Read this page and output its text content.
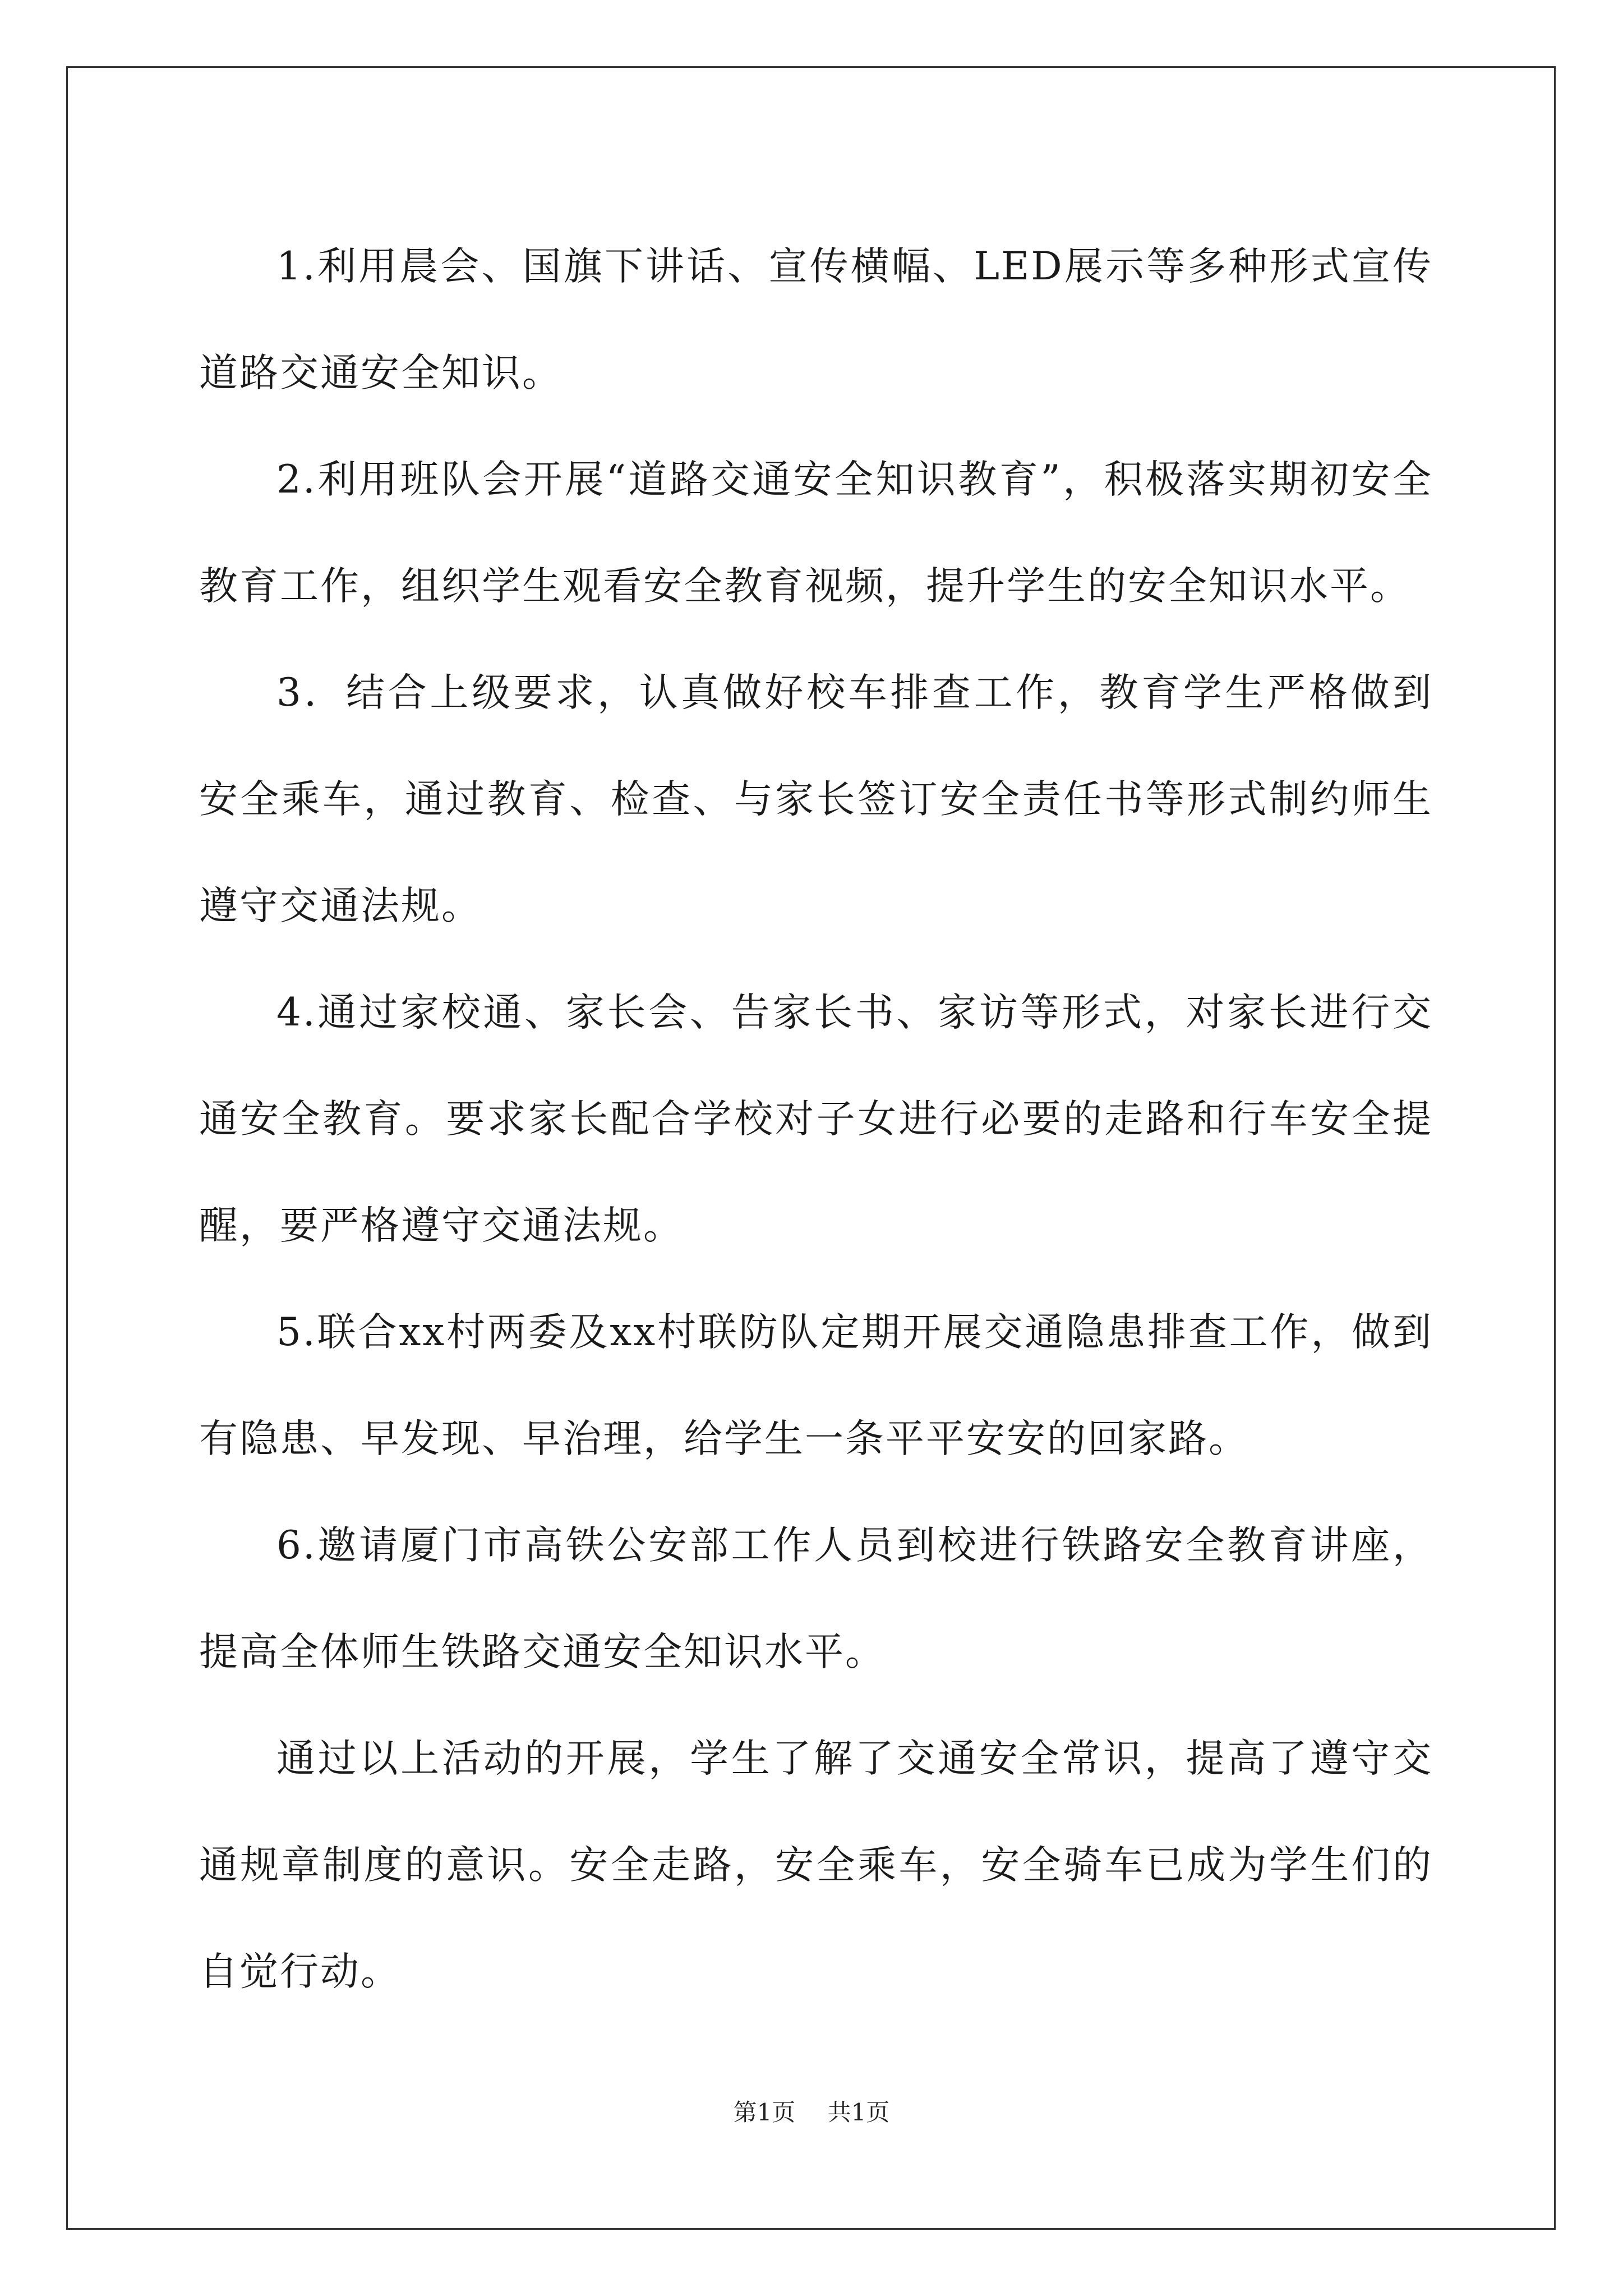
1.利用晨会、国旗下讲话、宣传横幅、LED展示等多种形式宣传道路交通安全知识。

2.利用班队会开展“道路交通安全知识教育”，积极落实期初安全教育工作，组织学生观看安全教育视频，提升学生的安全知识水平。

3．结合上级要求，认真做好校车排查工作，教育学生严格做到安全乘车，通过教育、检查、与家长签订安全责任书等形式制约师生遵守交通法规。

4.通过家校通、家长会、告家长书、家访等形式，对家长进行交通安全教育。要求家长配合学校对子女进行必要的走路和行车安全提醒，要严格遵守交通法规。

5.联合xx村两委及xx村联防队定期开展交通隐患排查工作，做到有隐患、早发现、早治理，给学生一条平平安安的回家路。

6.邀请厦门市高铁公安部工作人员到校进行铁路安全教育讲座，提高全体师生铁路交通安全知识水平。

通过以上活动的开展，学生了解了交通安全常识，提高了遵守交通规章制度的意识。安全走路，安全乘车，安全骑车已成为学生们的自觉行动。

第1页 共1页
